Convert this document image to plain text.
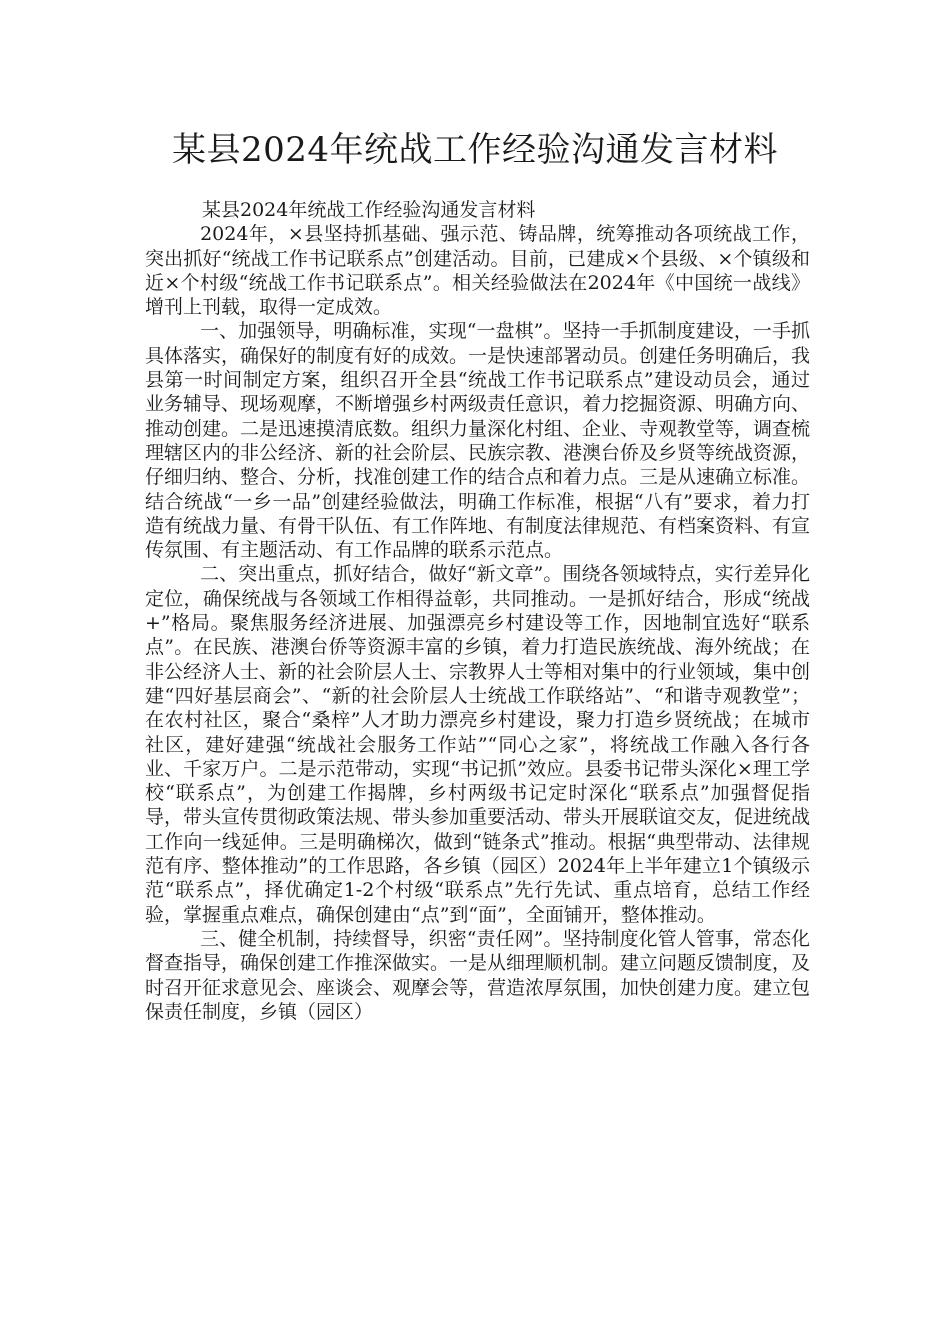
某县2024年统战工作经验沟通发言材料

某县2024年统战工作经验沟通发言材料

2024年，×县坚持抓基础、强示范、铸品牌，统筹推动各项统战工作，突出抓好“统战工作书记联系点”创建活动。目前，已建成×个县级、×个镇级和近×个村级“统战工作书记联系点”。相关经验做法在2024年《中国统一战线》增刊上刊载，取得一定成效。

一、加强领导，明确标准，实现“一盘棋”。坚持一手抓制度建设，一手抓具体落实，确保好的制度有好的成效。一是快速部署动员。创建任务明确后，我县第一时间制定方案，组织召开全县“统战工作书记联系点”建设动员会，通过业务辅导、现场观摩，不断增强乡村两级责任意识，着力挖掘资源、明确方向、推动创建。二是迅速摸清底数。组织力量深化村组、企业、寺观教堂等，调查梳理辖区内的非公经济、新的社会阶层、民族宗教、港澳台侨及乡贤等统战资源，仔细归纳、整合、分析，找准创建工作的结合点和着力点。三是从速确立标准。结合统战“一乡一品”创建经验做法，明确工作标准，根据“八有”要求，着力打造有统战力量、有骨干队伍、有工作阵地、有制度法律规范、有档案资料、有宣传氛围、有主题活动、有工作品牌的联系示范点。

二、突出重点，抓好结合，做好“新文章”。围绕各领域特点，实行差异化定位，确保统战与各领域工作相得益彰，共同推动。一是抓好结合，形成“统战+”格局。聚焦服务经济进展、加强漂亮乡村建设等工作，因地制宜选好“联系点”。在民族、港澳台侨等资源丰富的乡镇，着力打造民族统战、海外统战；在非公经济人士、新的社会阶层人士、宗教界人士等相对集中的行业领域，集中创建“四好基层商会”、“新的社会阶层人士统战工作联络站”、“和谐寺观教堂”；在农村社区，聚合“桑梓”人才助力漂亮乡村建设，聚力打造乡贤统战；在城市社区，建好建强“统战社会服务工作站”“同心之家”，将统战工作融入各行各业、千家万户。二是示范带动，实现“书记抓”效应。县委书记带头深化×理工学校“联系点”，为创建工作揭牌，乡村两级书记定时深化“联系点”加强督促指导，带头宣传贯彻政策法规、带头参加重要活动、带头开展联谊交友，促进统战工作向一线延伸。三是明确梯次，做到“链条式”推动。根据“典型带动、法律规范有序、整体推动”的工作思路，各乡镇（园区）2024年上半年建立1个镇级示范“联系点”，择优确定1-2个村级“联系点”先行先试、重点培育，总结工作经验，掌握重点难点，确保创建由“点”到“面”，全面铺开，整体推动。

三、健全机制，持续督导，织密“责任网”。坚持制度化管人管事，常态化督查指导，确保创建工作推深做实。一是从细理顺机制。建立问题反馈制度，及时召开征求意见会、座谈会、观摩会等，营造浓厚氛围，加快创建力度。建立包保责任制度，乡镇（园区）
